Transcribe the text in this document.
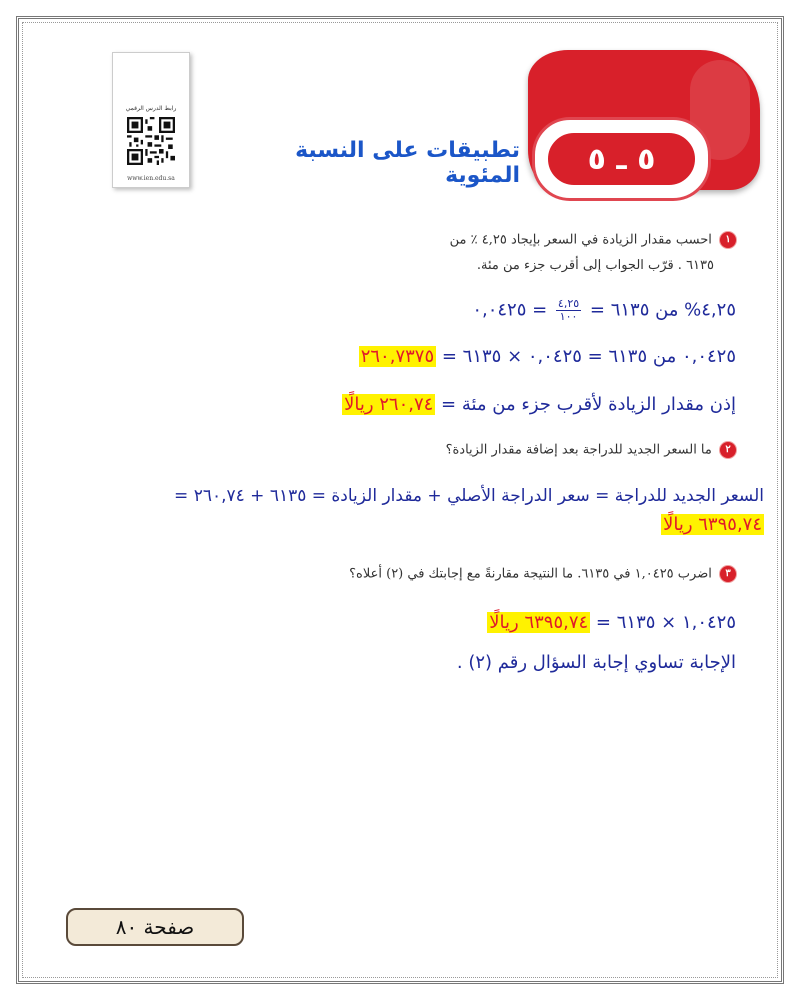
رابط الدرس الرقمي
www.ien.edu.sa
٥ ـ ٥
تطبيقات على النسبة المئوية
١ احسب مقدار الزيادة في السعر بإيجاد ٤,٢٥ ٪ من
٦١٣٥ . قرّب الجواب إلى أقرب جزء من مئة.
٤,٢٥% من ٦١٣٥ =
$\frac{٤,٢٥}{١٠٠}$
= ٠,٠٤٢٥
٠,٠٤٢٥ من ٦١٣٥ = ٠,٠٤٢٥ × ٦١٣٥ = ٢٦٠,٧٣٧٥
إذن مقدار الزيادة لأقرب جزء من مئة = ٢٦٠,٧٤ ريالًا
٢ ما السعر الجديد للدراجة بعد إضافة مقدار الزيادة؟
السعر الجديد للدراجة = سعر الدراجة الأصلي + مقدار الزيادة = ٦١٣٥ + ٢٦٠,٧٤ =
٦٣٩٥,٧٤ ريالًا
٣ اضرب ١,٠٤٢٥ في ٦١٣٥. ما النتيجة مقارنةً مع إجابتك في (٢) أعلاه؟
١,٠٤٢٥ × ٦١٣٥ = ٦٣٩٥,٧٤ ريالًا
الإجابة تساوي إجابة السؤال رقم (٢) .
صفحة ٨٠
